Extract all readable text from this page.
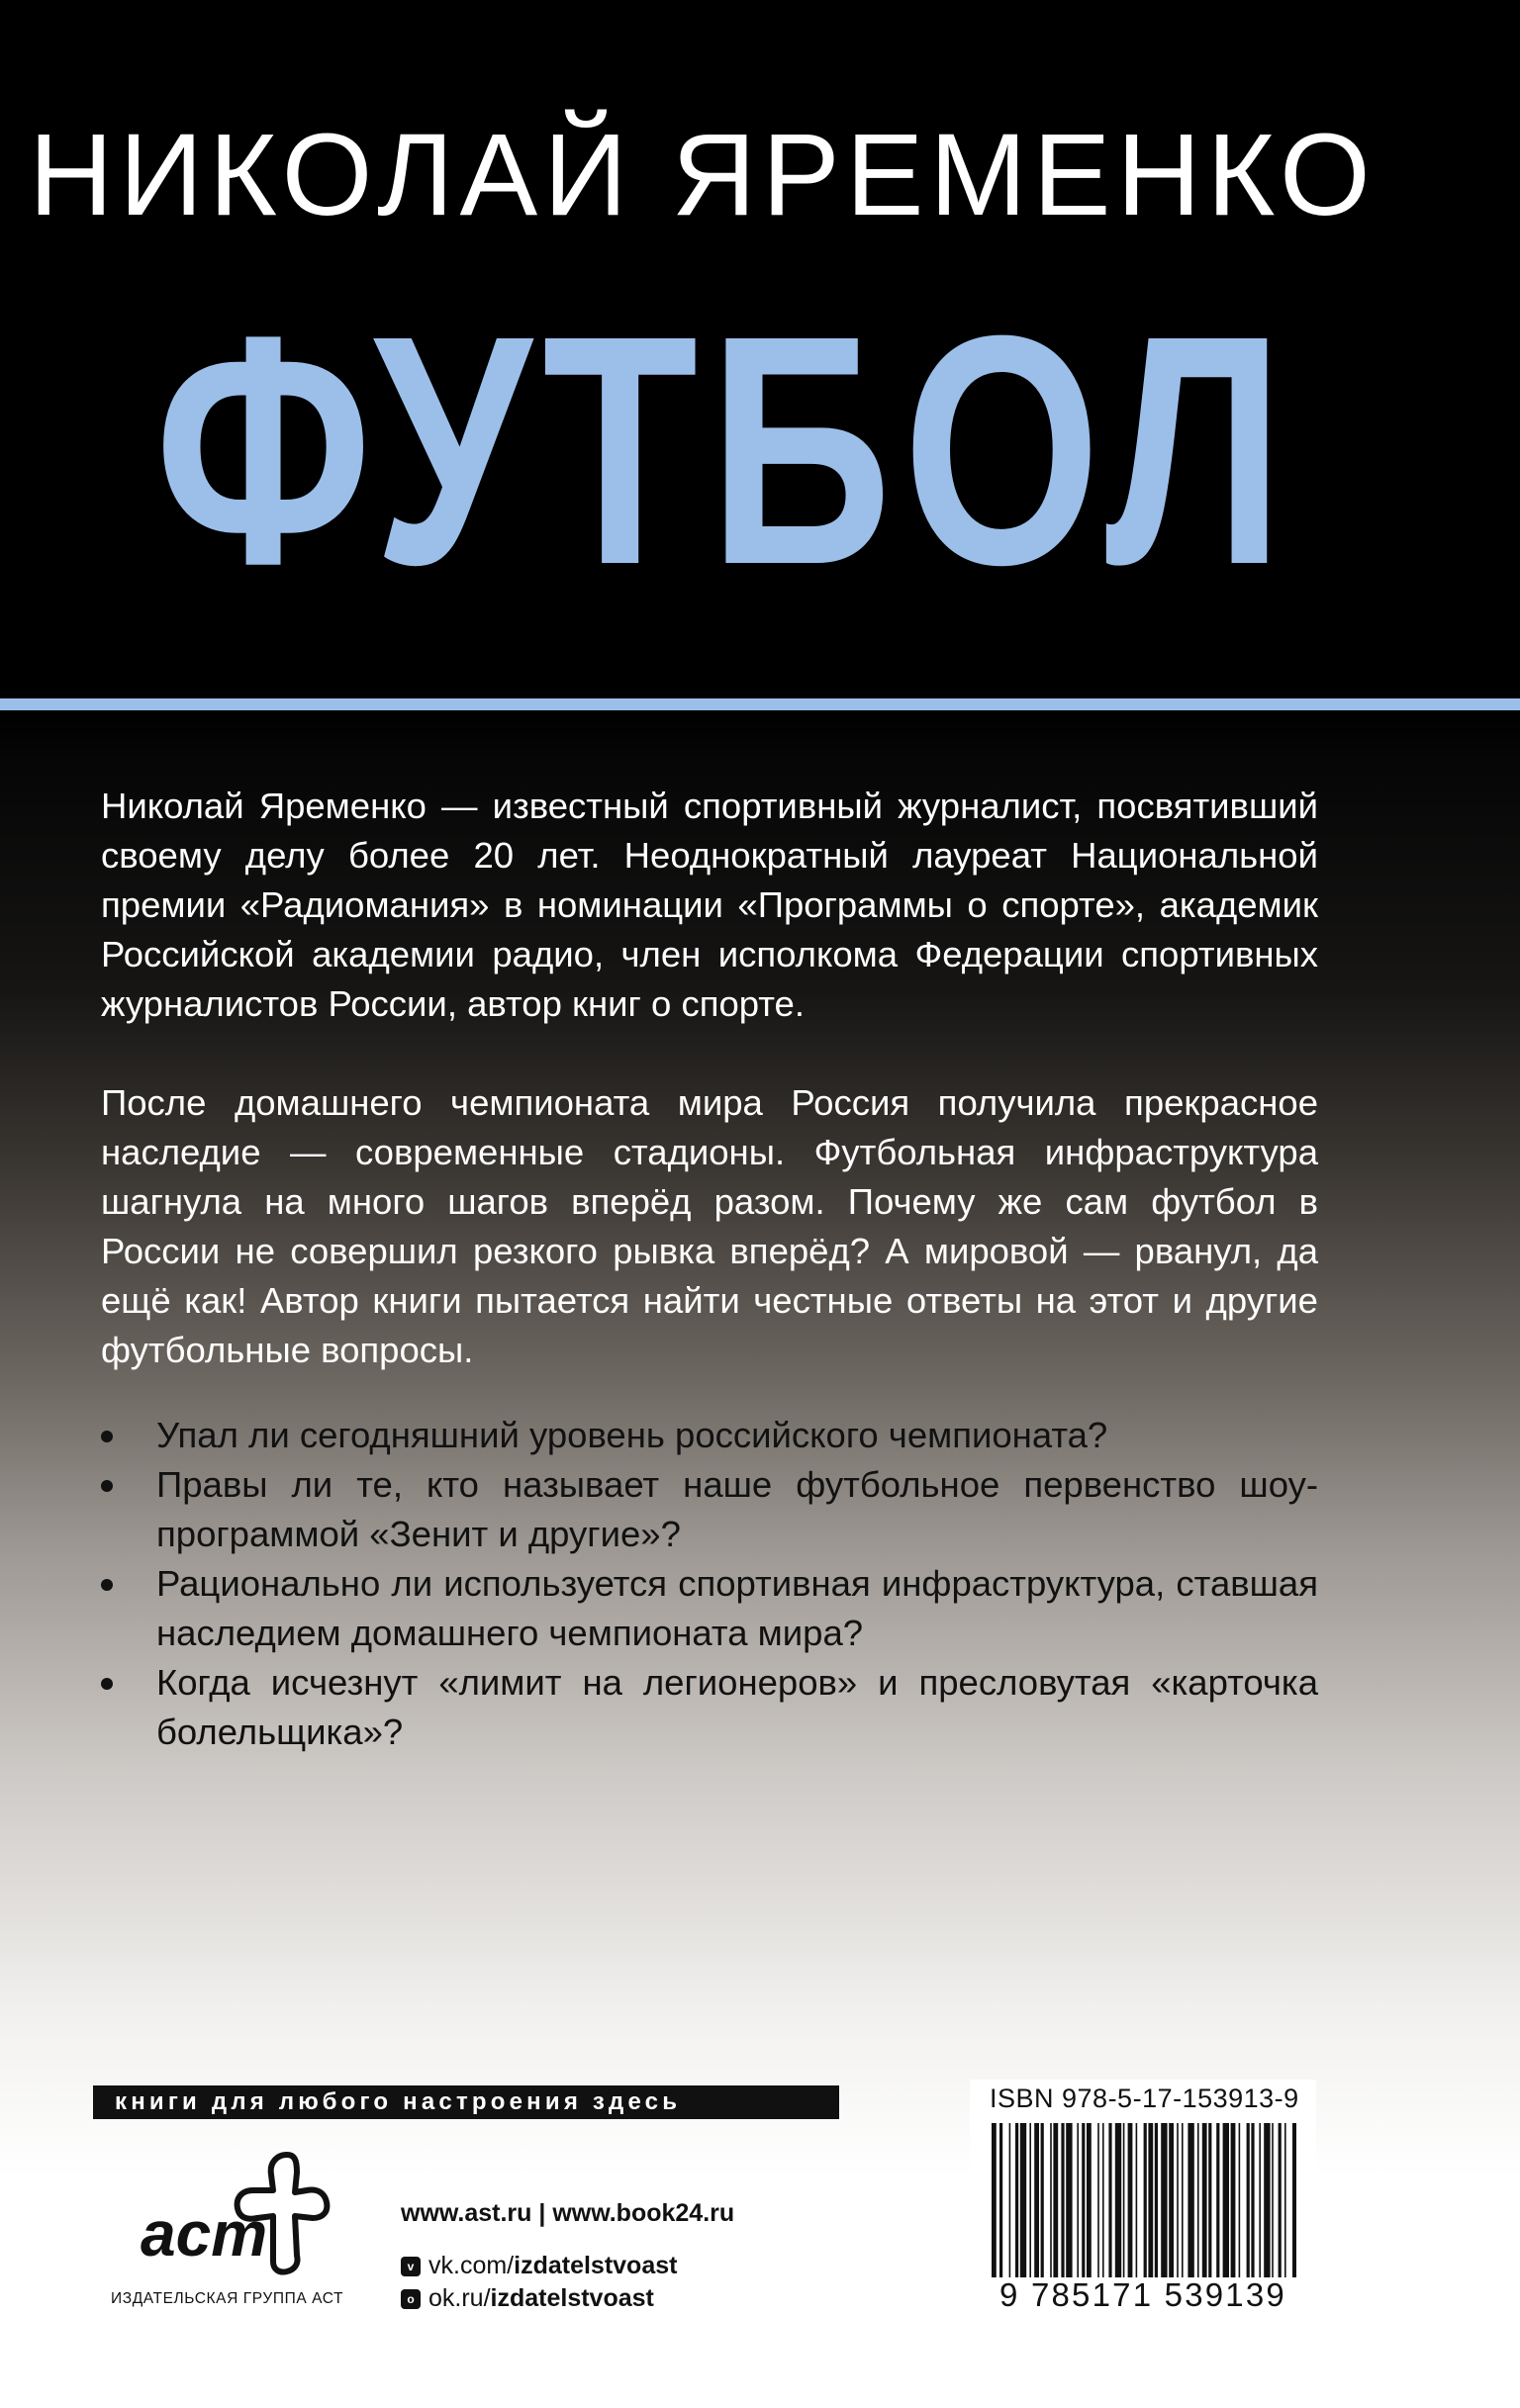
НИКОЛАЙ ЯРЕМЕНКО
ФУТБОЛ
Николай Яременко — известный спортивный журналист, посвятивший своему делу более 20 лет. Неоднократный лауреат Национальной премии «Радиомания» в номинации «Программы о спорте», академик Российской академии радио, член исполкома Федерации спортивных журналистов России, автор книг о спорте.
После домашнего чемпионата мира Россия получила прекрасное наследие — современные стадионы. Футбольная инфраструктура шагнула на много шагов вперёд разом. Почему же сам футбол в России не совершил резкого рывка вперёд? А мировой — рванул, да ещё как! Автор книги пытается найти честные ответы на этот и другие футбольные вопросы.
Упал ли сегодняшний уровень российского чемпионата?
Правы ли те, кто называет наше футбольное первенство шоу-программой «Зенит и другие»?
Рационально ли используется спортивная инфраструктура, ставшая наследием домашнего чемпионата мира?
Когда исчезнут «лимит на легионеров» и пресловутая «карточка болельщика»?
книги для любого настроения здесь
аст
ИЗДАТЕЛЬСКАЯ ГРУППА АСТ
www.ast.ru | www.book24.ru
v vk.com/ izdatelstvoast
o ok.ru/ izdatelstvoast
ISBN 978-5-17-153913-9
9 785171 539139
